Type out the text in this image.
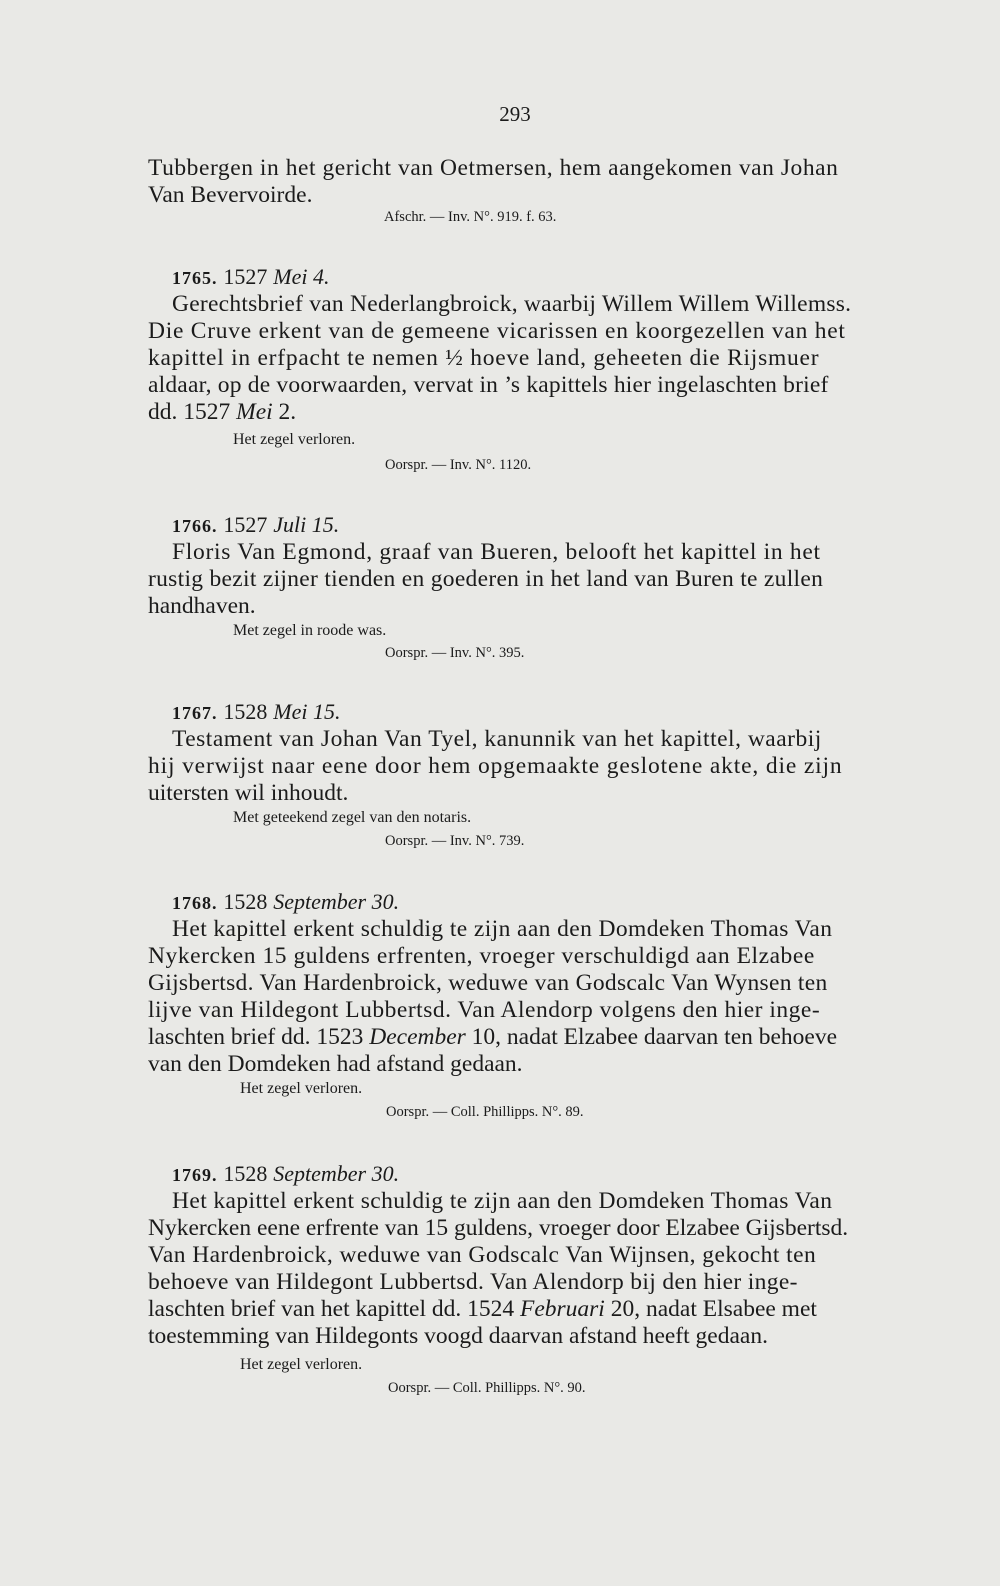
293
Tubbergen in het gericht van Oetmersen, hem aangekomen van Johan
Van Bevervoirde.
Afschr. — Inv. N°. 919. f. 63.
1765. 1527 Mei 4.
Gerechtsbrief van Nederlangbroick, waarbij Willem Willem Willemss.
Die Cruve erkent van de gemeene vicarissen en koorgezellen van het
kapittel in erfpacht te nemen ½ hoeve land, geheeten die Rijsmuer
aldaar, op de voorwaarden, vervat in ’s kapittels hier ingelaschten brief
dd. 1527 Mei 2.
Het zegel verloren.
Oorspr. — Inv. N°. 1120.
1766. 1527 Juli 15.
Floris Van Egmond, graaf van Bueren, belooft het kapittel in het
rustig bezit zijner tienden en goederen in het land van Buren te zullen
handhaven.
Met zegel in roode was.
Oorspr. — Inv. N°. 395.
1767. 1528 Mei 15.
Testament van Johan Van Tyel, kanunnik van het kapittel, waarbij
hij verwijst naar eene door hem opgemaakte geslotene akte, die zijn
uitersten wil inhoudt.
Met geteekend zegel van den notaris.
Oorspr. — Inv. N°. 739.
1768. 1528 September 30.
Het kapittel erkent schuldig te zijn aan den Domdeken Thomas Van
Nykercken 15 guldens erfrenten, vroeger verschuldigd aan Elzabee
Gijsbertsd. Van Hardenbroick, weduwe van Godscalc Van Wynsen ten
lijve van Hildegont Lubbertsd. Van Alendorp volgens den hier inge-
laschten brief dd. 1523 December 10, nadat Elzabee daarvan ten behoeve
van den Domdeken had afstand gedaan.
Het zegel verloren.
Oorspr. — Coll. Phillipps. N°. 89.
1769. 1528 September 30.
Het kapittel erkent schuldig te zijn aan den Domdeken Thomas Van
Nykercken eene erfrente van 15 guldens, vroeger door Elzabee Gijsbertsd.
Van Hardenbroick, weduwe van Godscalc Van Wijnsen, gekocht ten
behoeve van Hildegont Lubbertsd. Van Alendorp bij den hier inge-
laschten brief van het kapittel dd. 1524 Februari 20, nadat Elsabee met
toestemming van Hildegonts voogd daarvan afstand heeft gedaan.
Het zegel verloren.
Oorspr. — Coll. Phillipps. N°. 90.
